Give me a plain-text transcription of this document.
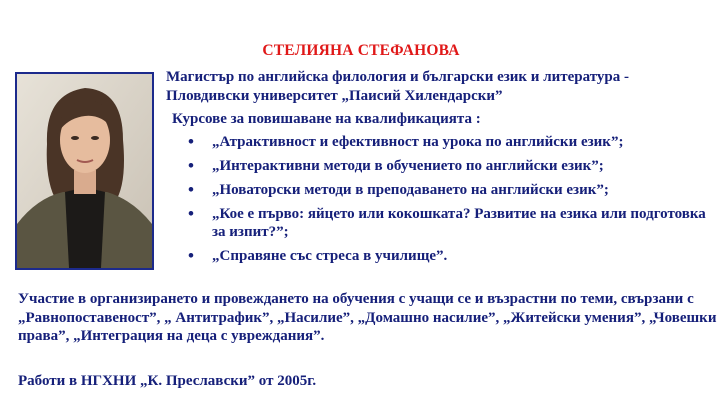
СТЕЛИЯНА СТЕФАНОВА
Магистър по английска филология и български език и литература - Пловдивски университет „Паисий Хилендарски”
Курсове за повишаване на квалификацията :
• „Атрактивност и ефективност на урока по английски език”;
• „Интерактивни методи в обучението по английски език”;
• „Новаторски методи в преподаването на английски език”;
• „Кое е първо: яйцето или кокошката? Развитие на езика или подготовка за изпит?”;
• „Справяне със стреса в училище”.
Участие в организирането и провеждането на обучения с учащи се и възрастни по теми, свързани с „Равнопоставеност”, „ Антитрафик”, „Насилие”, „Домашно насилие”, „Житейски умения”, „Човешки права”, „Интеграция на деца с увреждания”.
Работи в НГХНИ „К. Преславски” от 2005г.
